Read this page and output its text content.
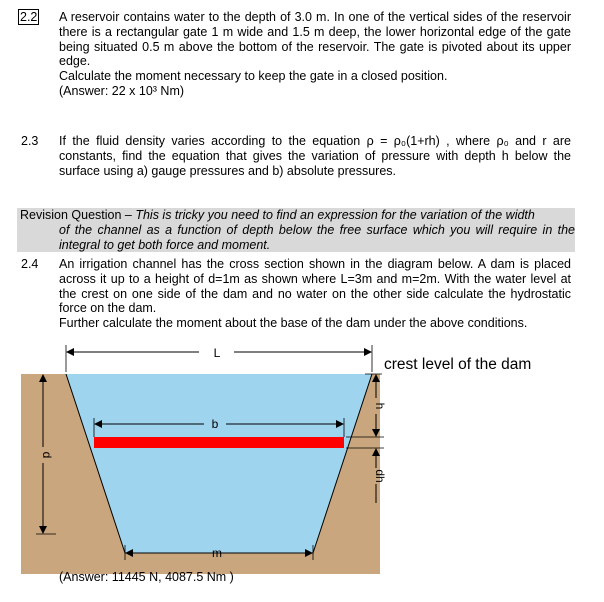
2.2 A reservoir contains water to the depth of 3.0 m. In one of the vertical sides of the reservoir there is a rectangular gate 1 m wide and 1.5 m deep, the lower horizontal edge of the gate being situated 0.5 m above the bottom of the reservoir. The gate is pivoted about its upper edge.

Calculate the moment necessary to keep the gate in a closed position.

(Answer: 22 x 10³ Nm)

2.3 If the fluid density varies according to the equation ρ = ρ₀(1+rh) , where ρ₀ and r are constants, find the equation that gives the variation of pressure with depth h below the surface using a) gauge pressures and b) absolute pressures.

Revision Question – This is tricky you need to find an expression for the variation of the width
of the channel as a function of depth below the free surface which you will require in the integral to get both force and moment.
2.4 An irrigation channel has the cross section shown in the diagram below. A dam is placed across it up to a height of d=1m as shown where L=3m and m=2m. With the water level at the crest on one side of the dam and no water on the other side calculate the hydrostatic force on the dam.

Further calculate the moment about the base of the dam under the above conditions.

L
crest level of the dam
b
m
d
h
dh
(Answer: 11445 N, 4087.5 Nm )
